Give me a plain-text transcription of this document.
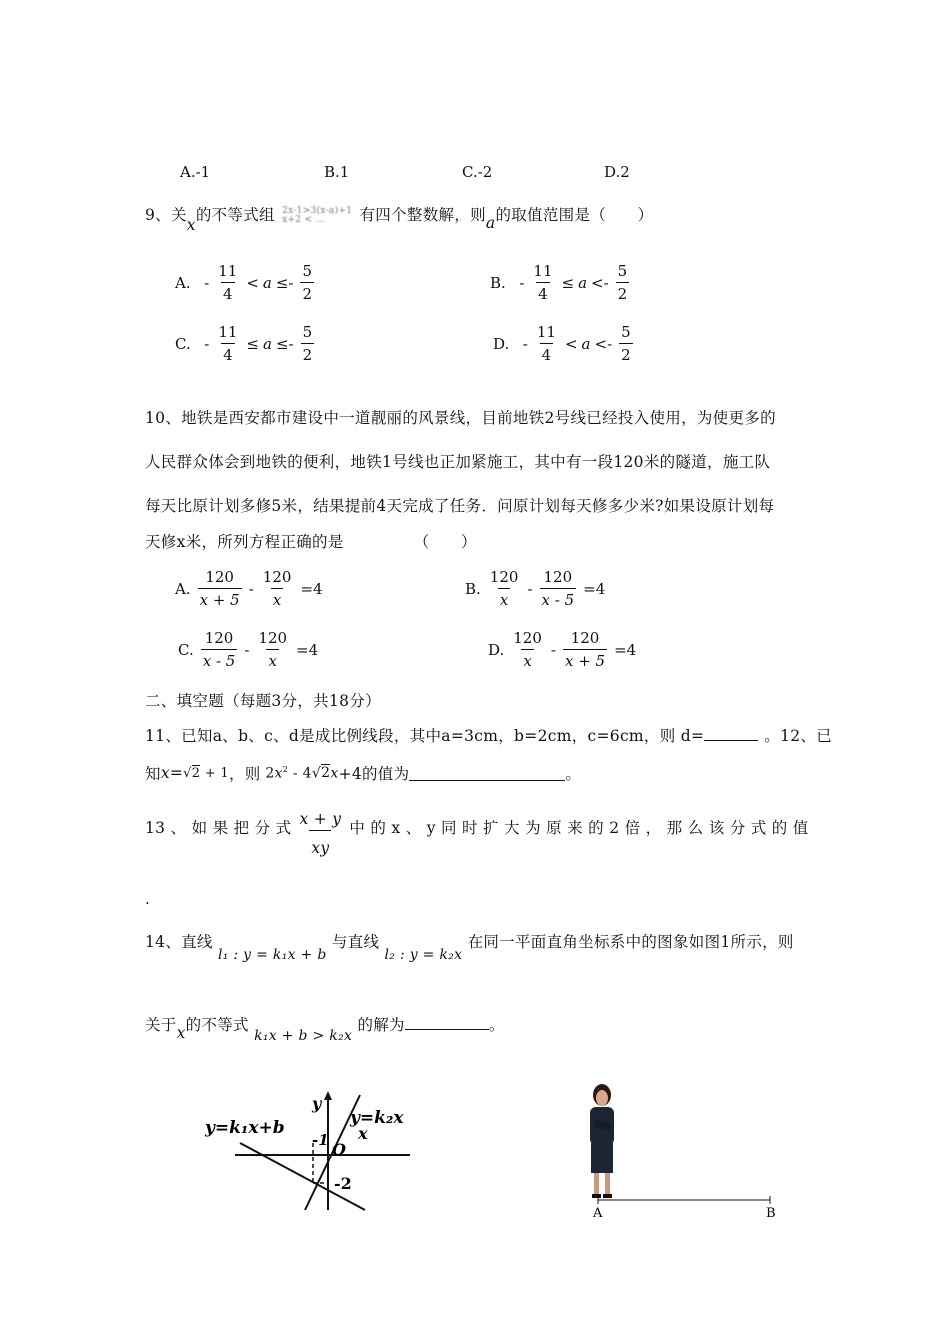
A.-1	B.1	C.-2	D.2
9、关x的不等式组 2x-1>3(x-a)+1
x+2 < ...	有四个整数解，则a的取值范围是（　　）
A. - $\frac{11}{4} < a \le- \frac{5}{2}$	B. - $\frac{11}{4} \le a <- \frac{5}{2}$
C. - $\frac{11}{4} \le a \le- \frac{5}{2}$	D. - $\frac{11}{4} < a <- \frac{5}{2}$
10、地铁是西安都市建设中一道靓丽的风景线，目前地铁2号线已经投入使用，为使更多的
人民群众体会到地铁的便利，地铁1号线也正加紧施工，其中有一段120米的隧道，施工队
每天比原计划多修5米，结果提前4天完成了任务．问原计划每天修多少米?如果设原计划每
天修x米，所列方程正确的是	（　　）
A. $\frac{120}{x + 5} - \frac{120}{x} =4$	B. $\frac{120}{x} - \frac{120}{x - 5} =4$
C. $\frac{120}{x - 5} - \frac{120}{x} =4$	D. $\frac{120}{x} - \frac{120}{x + 5} =4$
二、填空题（每题3分，共18分）
11、已知a、b、c、d是成比例线段，其中a=3cm，b=2cm，c=6cm，则 d=	。12、已
知 x = √2 + 1 ，则 $2x^2 - 4√2x +4$的值为	。
13 、 如 果 把 分 式 $\frac{x + y}{xy}$ 中 的 x 、 y 同 时 扩 大 为 原 来 的 2 倍 ， 那 么 该 分 式 的 值
.
14、直线 l₁ : y = k₁x + b 与直线 l₂ : y = k₂x 在同一平面直角坐标系中的图象如图1所示，则
关于x的不等式 k₁x + b > k₂x 的解为	。
y=k₁x+b	y=k₂x
y
x
O
-1
-2
A	B
